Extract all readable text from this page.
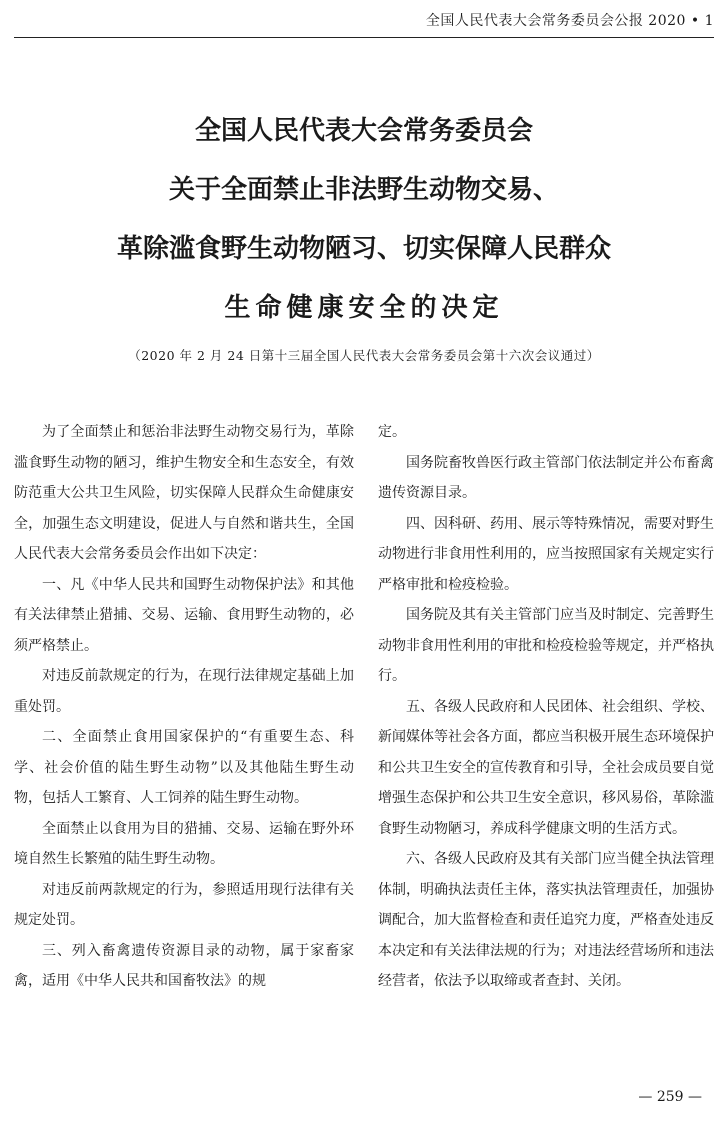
全国人民代表大会常务委员会公报 2020 • 1
全国人民代表大会常务委员会
关于全面禁止非法野生动物交易、
革除滥食野生动物陋习、切实保障人民群众
生命健康安全的决定
（2020 年 2 月 24 日第十三届全国人民代表大会常务委员会第十六次会议通过）

为了全面禁止和惩治非法野生动物交易行为，革除滥食野生动物的陋习，维护生物安全和生态安全，有效防范重大公共卫生风险，切实保障人民群众生命健康安全，加强生态文明建设，促进人与自然和谐共生，全国人民代表大会常务委员会作出如下决定：

一、凡《中华人民共和国野生动物保护法》和其他有关法律禁止猎捕、交易、运输、食用野生动物的，必须严格禁止。

对违反前款规定的行为，在现行法律规定基础上加重处罚。

二、全面禁止食用国家保护的“有重要生态、科学、社会价值的陆生野生动物”以及其他陆生野生动物，包括人工繁育、人工饲养的陆生野生动物。

全面禁止以食用为目的猎捕、交易、运输在野外环境自然生长繁殖的陆生野生动物。

对违反前两款规定的行为，参照适用现行法律有关规定处罚。

三、列入畜禽遗传资源目录的动物，属于家畜家禽，适用《中华人民共和国畜牧法》的规

定。

国务院畜牧兽医行政主管部门依法制定并公布畜禽遗传资源目录。

四、因科研、药用、展示等特殊情况，需要对野生动物进行非食用性利用的，应当按照国家有关规定实行严格审批和检疫检验。

国务院及其有关主管部门应当及时制定、完善野生动物非食用性利用的审批和检疫检验等规定，并严格执行。

五、各级人民政府和人民团体、社会组织、学校、新闻媒体等社会各方面，都应当积极开展生态环境保护和公共卫生安全的宣传教育和引导，全社会成员要自觉增强生态保护和公共卫生安全意识，移风易俗，革除滥食野生动物陋习，养成科学健康文明的生活方式。

六、各级人民政府及其有关部门应当健全执法管理体制，明确执法责任主体，落实执法管理责任，加强协调配合，加大监督检查和责任追究力度，严格查处违反本决定和有关法律法规的行为；对违法经营场所和违法经营者，依法予以取缔或者查封、关闭。

— 259 —
